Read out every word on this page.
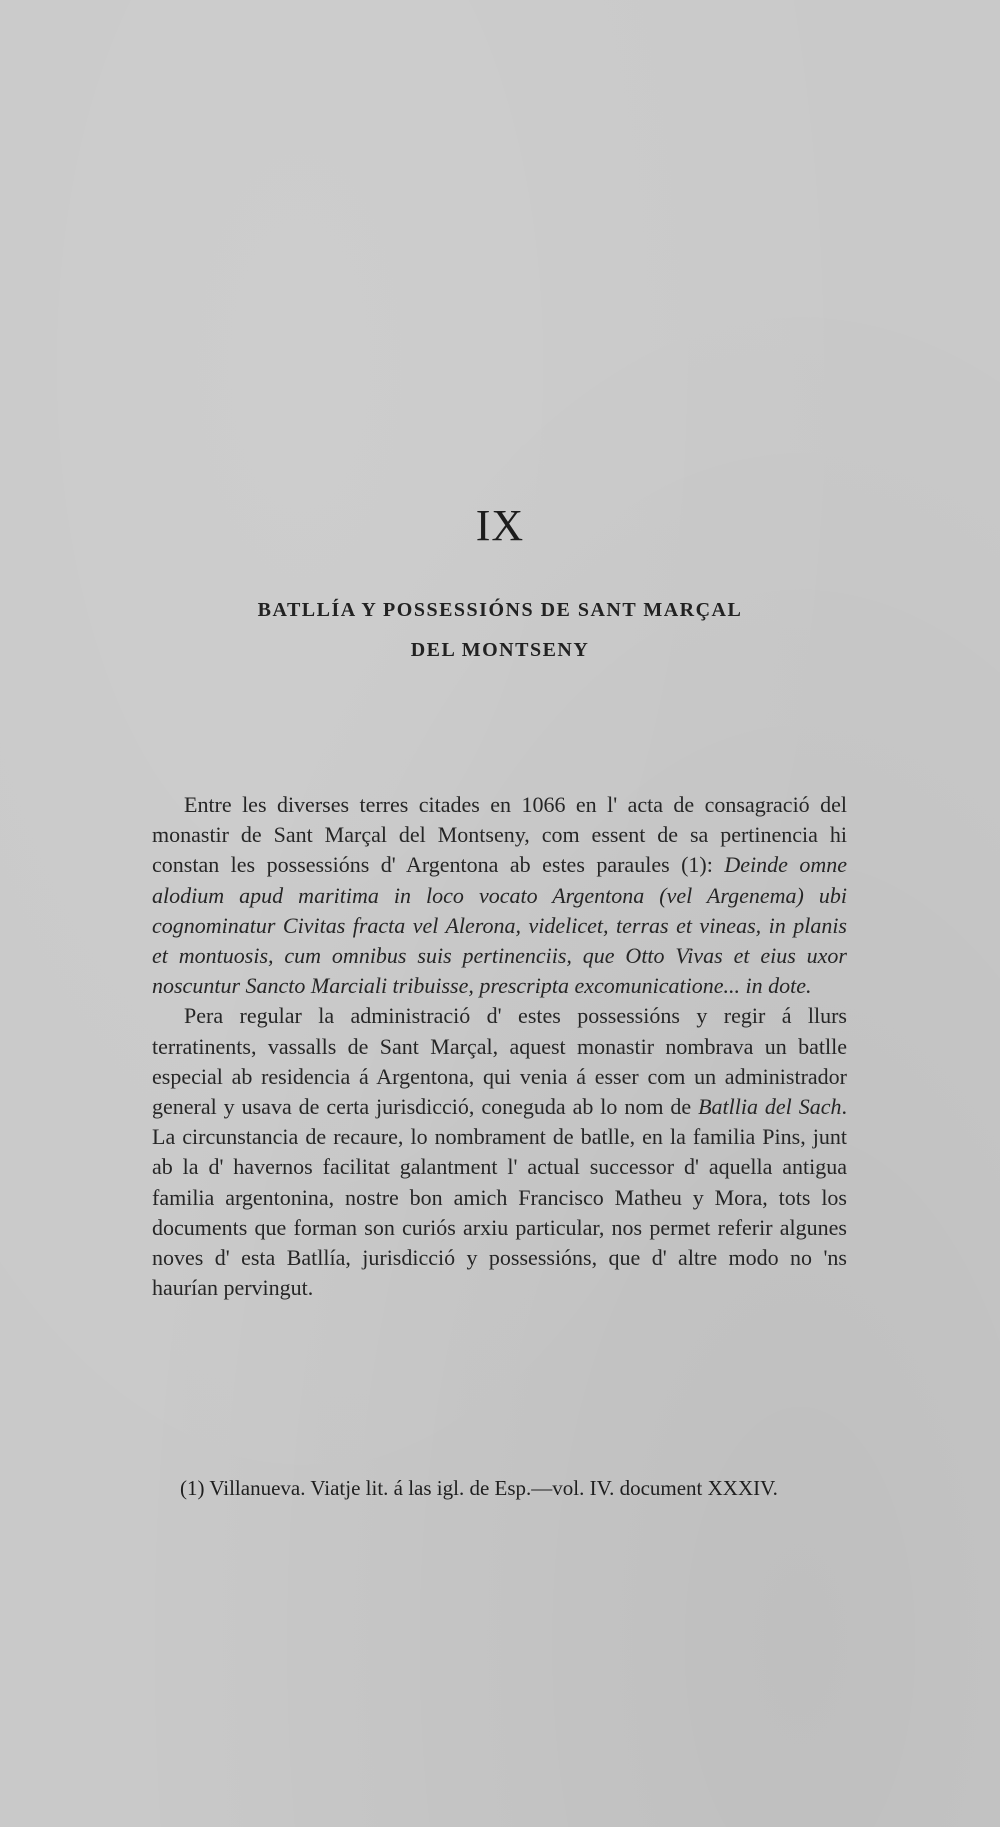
IX
BATLLÍA Y POSSESSIÓNS DE SANT MARÇAL
DEL MONTSENY

Entre les diverses terres citades en 1066 en l' acta de consagració del monastir de Sant Marçal del Montseny, com essent de sa pertinencia hi constan les possessións d' Argentona ab estes paraules (1): Deinde omne alodium apud maritima in loco vocato Argentona (vel Argenema) ubi cognominatur Civitas fracta vel Alerona, videlicet, terras et vineas, in planis et montuosis, cum omnibus suis pertinenciis, que Otto Vivas et eius uxor noscuntur Sancto Marciali tribuisse, prescripta excomunicatione... in dote.

Pera regular la administració d' estes possessións y regir á llurs terratinents, vassalls de Sant Marçal, aquest monastir nombrava un batlle especial ab residencia á Argentona, qui venia á esser com un administrador general y usava de certa jurisdicció, coneguda ab lo nom de Batllia del Sach. La circunstancia de recaure, lo nombrament de batlle, en la familia Pins, junt ab la d' havernos facilitat galantment l' actual successor d' aquella antigua familia argentonina, nostre bon amich Francisco Matheu y Mora, tots los documents que forman son curiós arxiu particular, nos permet referir algunes noves d' esta Batllía, jurisdicció y possessións, que d' altre modo no 'ns haurían pervingut.

(1) Villanueva. Viatje lit. á las igl. de Esp.—vol. IV. document XXXIV.
